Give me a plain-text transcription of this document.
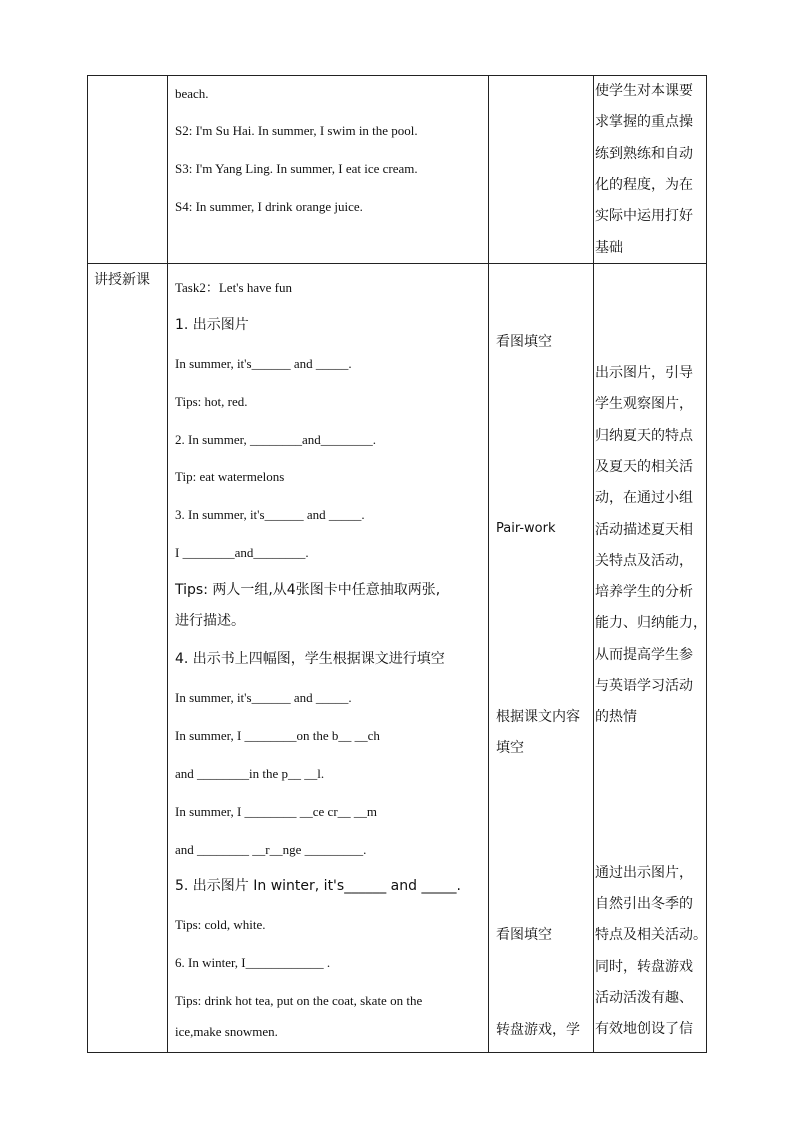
beach.
S2: I'm Su Hai. In summer, I swim in the pool.
S3: I'm Yang Ling. In summer, I eat ice cream.
S4: In summer, I drink orange juice.
使学生对本课要
求掌握的重点操
练到熟练和自动
化的程度，为在
实际中运用打好
基础
讲授新课 Task2：Let's have fun
1. 出示图片
In summer, it's______ and _____.
Tips: hot, red.
2. In summer, ________and________.
Tip: eat watermelons
3. In summer, it's______ and _____.
I ________and________.
Tips: 两人一组,从4张图卡中任意抽取两张,
进行描述。
4. 出示书上四幅图，学生根据课文进行填空
In summer, it's______ and _____.
In summer, I ________on the b__ __ch
and ________in the p__ __l.
In summer, I ________ __ce cr__ __m
and ________ __r__nge _________.
5. 出示图片 In winter, it's______ and _____.
Tips: cold, white.
6. In winter, I____________ .
Tips: drink hot tea, put on the coat, skate on the
ice,make snowmen.
看图填空
Pair-work
根据课文内容
填空
看图填空
转盘游戏，学
出示图片，引导
学生观察图片，
归纳夏天的特点
及夏天的相关活
动，在通过小组
活动描述夏天相
关特点及活动，
培养学生的分析
能力、归纳能力，
从而提高学生参
与英语学习活动
的热情
通过出示图片，
自然引出冬季的
特点及相关活动。
同时，转盘游戏
活动活泼有趣、
有效地创设了信
